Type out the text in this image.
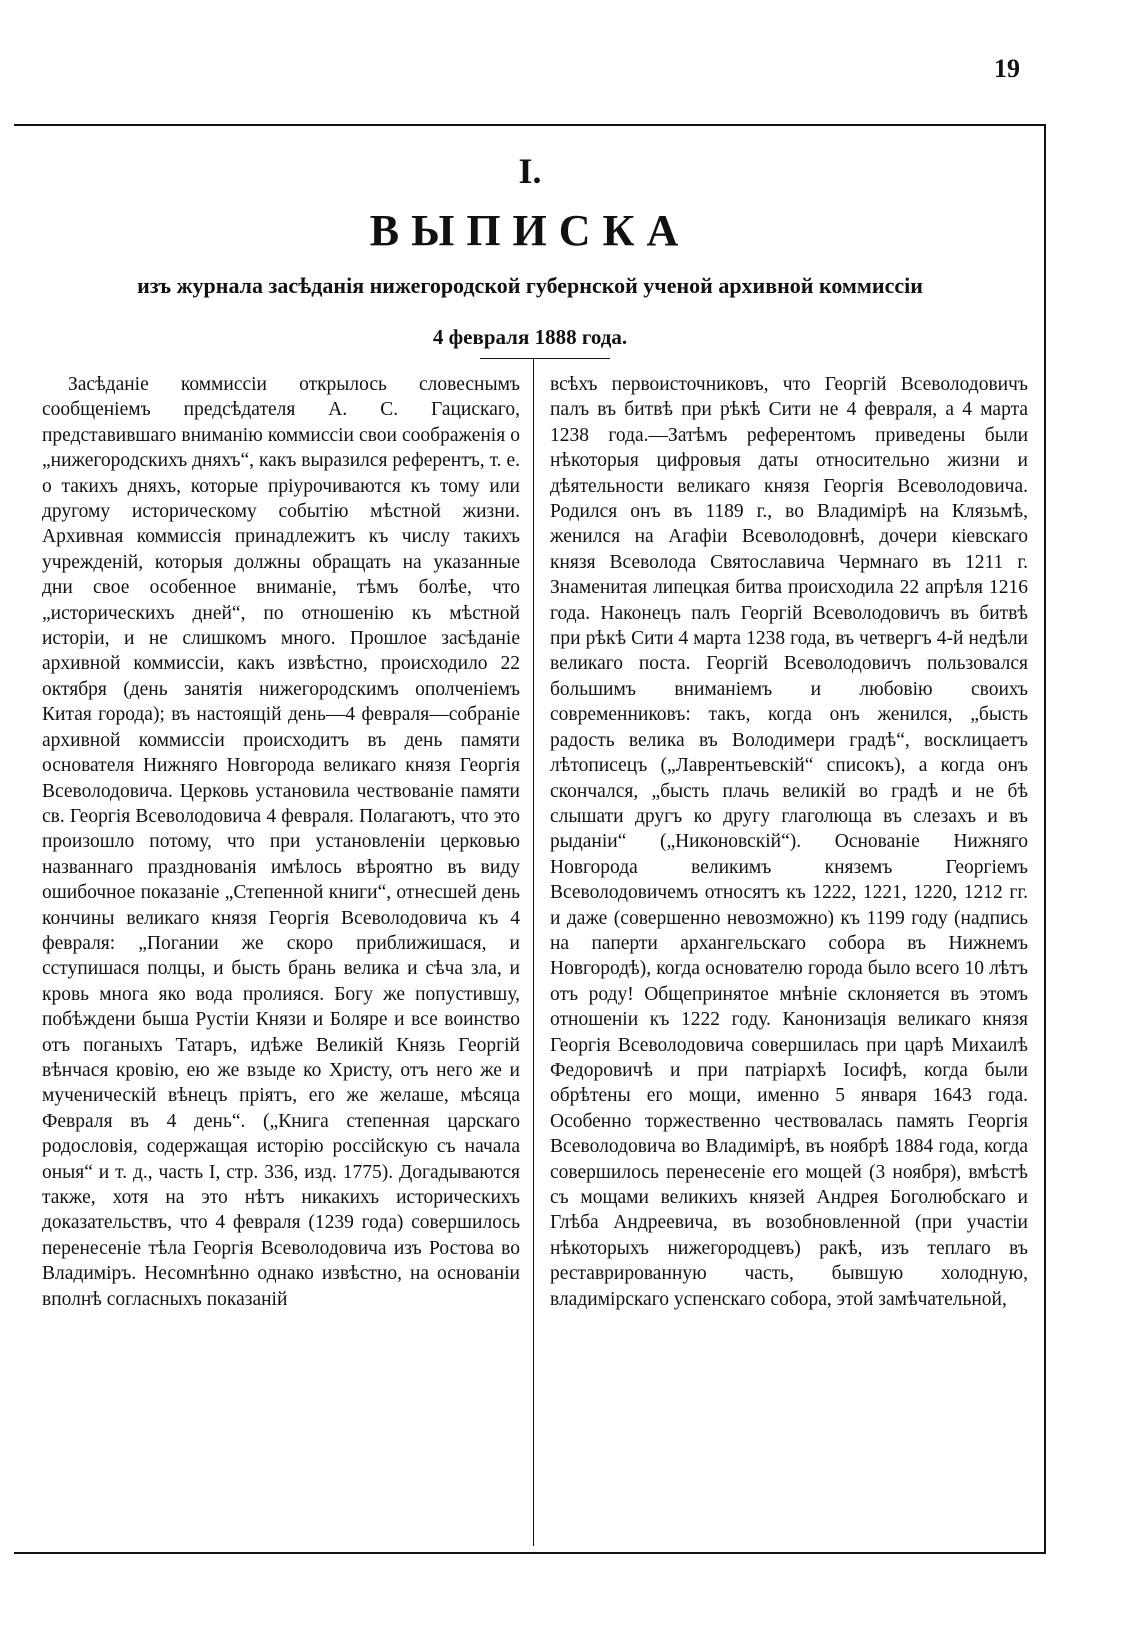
19
I.
ВЫПИСКА
изъ журнала засѣданія нижегородской губернской ученой архивной коммиссіи
4 февраля 1888 года.

Засѣданіе коммиссіи открылось словеснымъ сообщеніемъ предсѣдателя А. С. Гацискаго, представившаго вниманію коммиссіи свои соображенія о „нижегородскихъ дняхъ“, какъ выразился референтъ, т. е. о такихъ дняхъ, которые пріурочиваются къ тому или другому историческому событію мѣстной жизни. Архивная коммиссія принадлежитъ къ числу такихъ учрежденій, которыя должны обращать на указанные дни свое особенное вниманіе, тѣмъ болѣе, что „историческихъ дней“, по отношенію къ мѣстной исторіи, и не слишкомъ много. Прошлое засѣданіе архивной коммиссіи, какъ извѣстно, происходило 22 октября (день занятія нижегородскимъ ополченіемъ Китая города); въ настоящій день—4 февраля—собраніе архивной коммиссіи происходитъ въ день памяти основателя Нижняго Новгорода великаго князя Георгія Всеволодовича. Церковь установила чествованіе памяти св. Георгія Всеволодовича 4 февраля. Полагаютъ, что это произошло потому, что при установленіи церковью названнаго празднованія имѣлось вѣроятно въ виду ошибочное показаніе „Степенной книги“, отнесшей день кончины великаго князя Георгія Всеволодовича къ 4 февраля: „Погании же скоро приближишася, и сступишася полцы, и бысть брань велика и сѣча зла, и кровь многа яко вода пролияся. Богу же попустившу, побѣждени быша Рустіи Князи и Боляре и все воинство отъ поганыхъ Татаръ, идѣже Великій Князь Георгій вѣнчася кровію, ею же взыде ко Христу, отъ него же и мученическій вѣнецъ пріятъ, его же желаше, мѣсяца Февраля въ 4 день“. („Книга степенная царскаго родословія, содержащая исторію россійскую съ начала оныя“ и т. д., часть I, стр. 336, изд. 1775). Догадываются также, хотя на это нѣтъ никакихъ историческихъ доказательствъ, что 4 февраля (1239 года) совершилось перенесеніе тѣла Георгія Всеволодовича изъ Ростова во Владиміръ. Несомнѣнно однако извѣстно, на основаніи вполнѣ согласныхъ показаній

всѣхъ первоисточниковъ, что Георгій Всеволодовичъ палъ въ битвѣ при рѣкѣ Сити не 4 февраля, а 4 марта 1238 года.—Затѣмъ референтомъ приведены были нѣкоторыя цифровыя даты относительно жизни и дѣятельности великаго князя Георгія Всеволодовича. Родился онъ въ 1189 г., во Владимірѣ на Клязьмѣ, женился на Агафіи Всеволодовнѣ, дочери кіевскаго князя Всеволода Святославича Чермнаго въ 1211 г. Знаменитая липецкая битва происходила 22 апрѣля 1216 года. Наконецъ палъ Георгій Всеволодовичъ въ битвѣ при рѣкѣ Сити 4 марта 1238 года, въ четвергъ 4-й недѣли великаго поста. Георгій Всеволодовичъ пользовался большимъ вниманіемъ и любовію своихъ современниковъ: такъ, когда онъ женился, „бысть радость велика въ Володимери градѣ“, восклицаетъ лѣтописецъ („Лаврентьевскій“ списокъ), а когда онъ скончался, „бысть плачь великій во градѣ и не бѣ слышати другъ ко другу глаголюща въ слезахъ и въ рыданіи“ („Никоновскій“). Основаніе Нижняго Новгорода великимъ княземъ Георгіемъ Всеволодовичемъ относятъ къ 1222, 1221, 1220, 1212 гг. и даже (совершенно невозможно) къ 1199 году (надпись на паперти архангельскаго собора въ Нижнемъ Новгородѣ), когда основателю города было всего 10 лѣтъ отъ роду! Общепринятое мнѣніе склоняется въ этомъ отношеніи къ 1222 году. Канонизація великаго князя Георгія Всеволодовича совершилась при царѣ Михаилѣ Федоровичѣ и при патріархѣ Іосифѣ, когда были обрѣтены его мощи, именно 5 января 1643 года. Особенно торжественно чествовалась память Георгія Всеволодовича во Владимірѣ, въ ноябрѣ 1884 года, когда совершилось перенесеніе его мощей (3 ноября), вмѣстѣ съ мощами великихъ князей Андрея Боголюбскаго и Глѣба Андреевича, въ возобновленной (при участіи нѣкоторыхъ нижегородцевъ) ракѣ, изъ теплаго въ реставрированную часть, бывшую холодную, владимірскаго успенскаго собора, этой замѣчательной,
